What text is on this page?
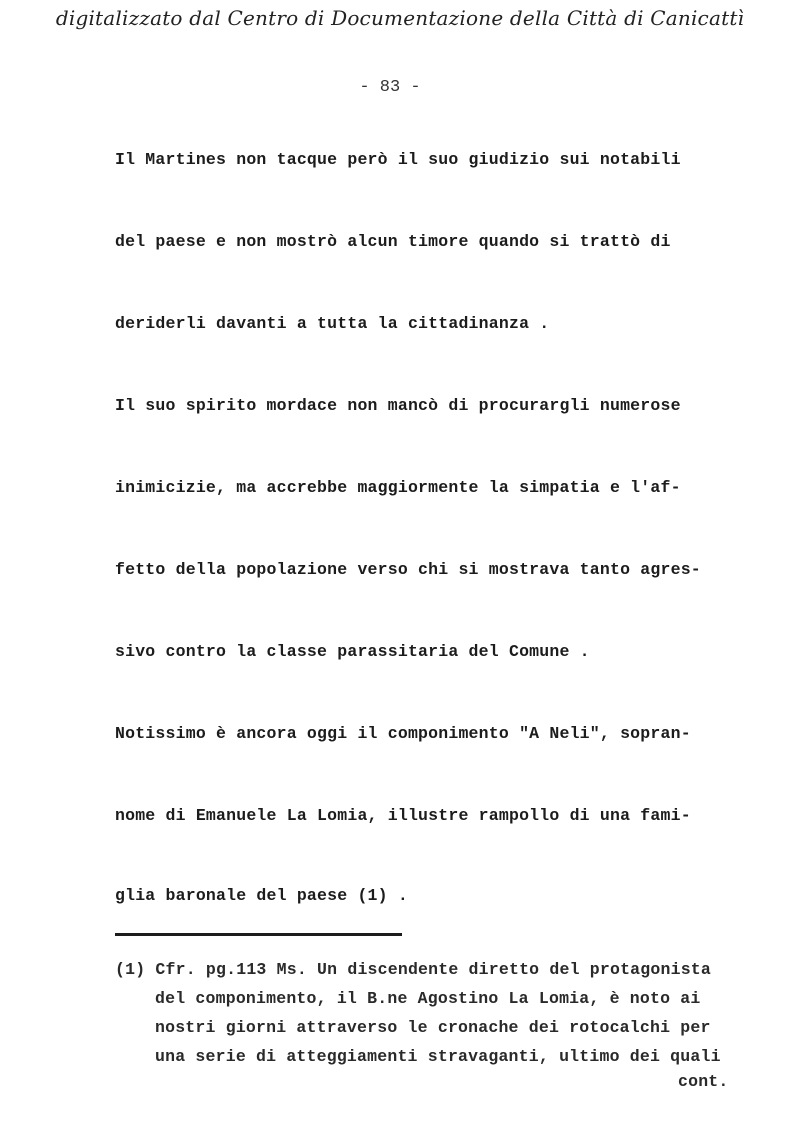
digitalizzato dal Centro di Documentazione della Città di Canicattì
- 83 -
Il Martines non tacque però il suo giudizio sui notabili
del paese e non mostrò alcun timore quando si trattò di
deriderli davanti a tutta la cittadinanza .
Il suo spirito mordace non mancò di procurargli numerose
inimicizie, ma accrebbe maggiormente la simpatia e l'af-
fetto della popolazione verso chi si mostrava tanto agres-
sivo contro la classe parassitaria del Comune .
Notissimo è ancora oggi il componimento "A Neli", sopran-
nome di Emanuele La Lomia, illustre rampollo di una fami-
glia baronale del paese (1) .
(1) Cfr. pg.113 Ms. Un discendente diretto del protagonista
del componimento, il B.ne Agostino La Lomia, è noto ai
nostri giorni attraverso le cronache dei rotocalchi per
una serie di atteggiamenti stravaganti, ultimo dei quali
cont.
